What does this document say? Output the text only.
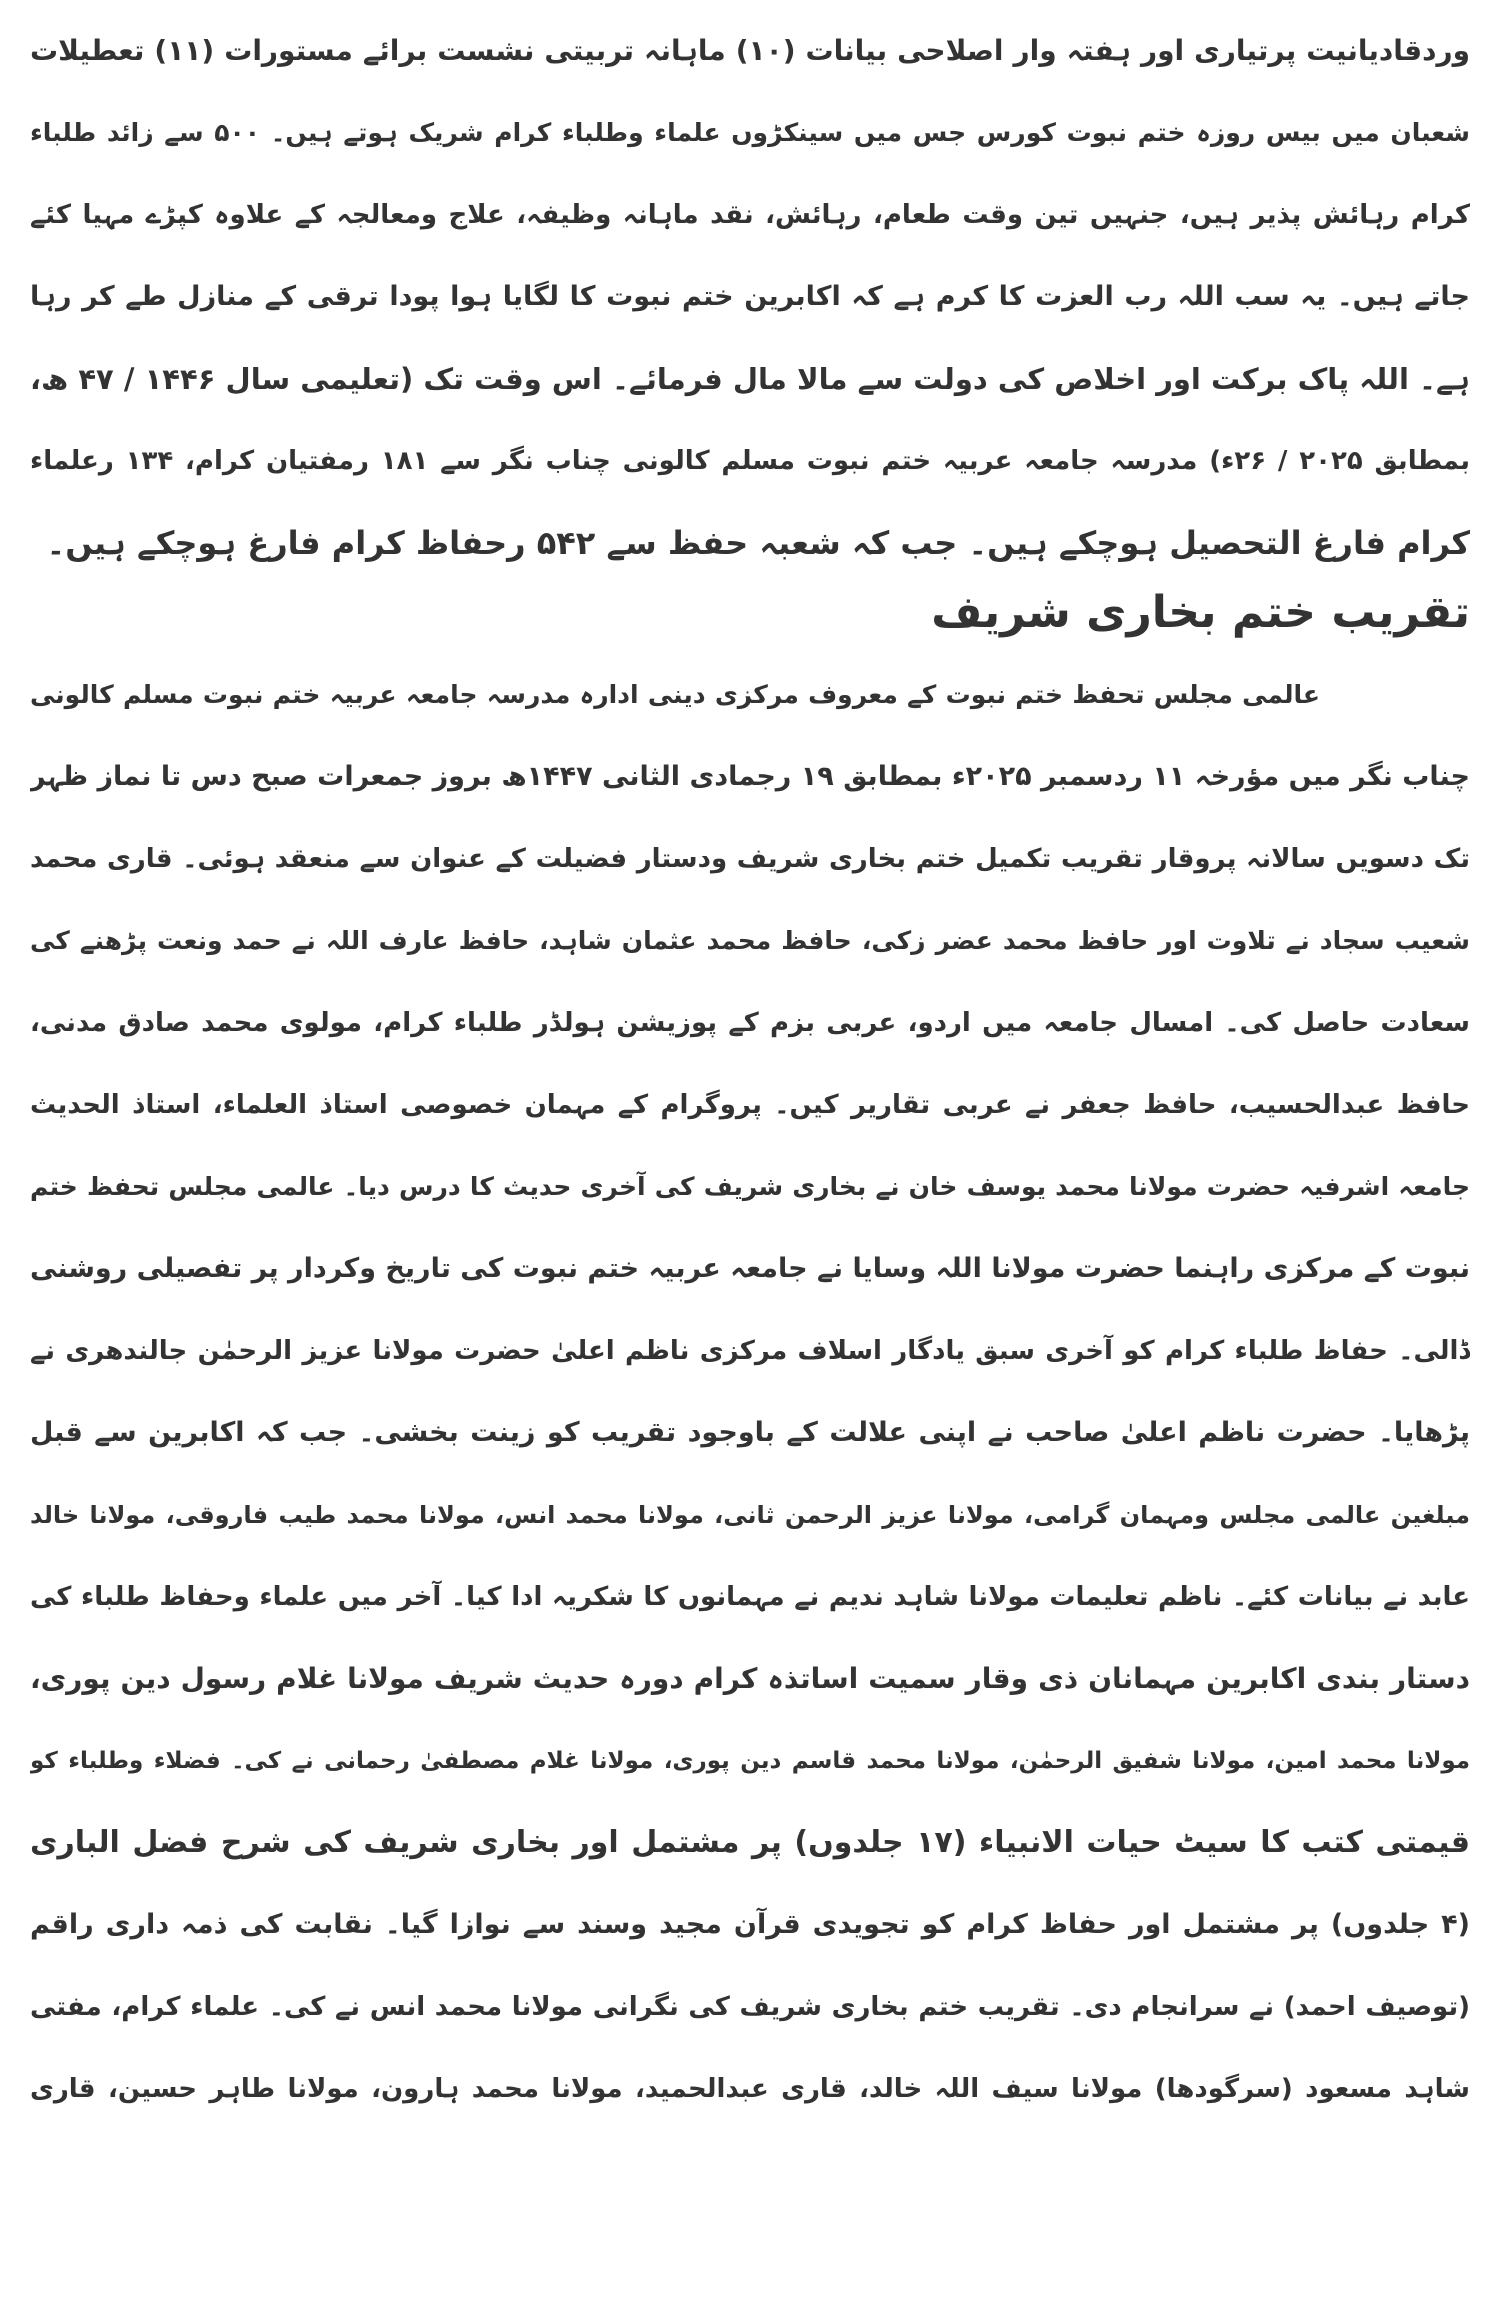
وردقادیانیت پرتیاری اور ہفتہ وار اصلاحی بیانات (۱۰) ماہانہ تربیتی نشست برائے مستورات (۱۱) تعطیلات
شعبان میں بیس روزہ ختم نبوت کورس جس میں سینکڑوں علماء وطلباء کرام شریک ہوتے ہیں۔ ۵۰۰ سے زائد طلباء
کرام رہائش پذیر ہیں، جنہیں تین وقت طعام، رہائش، نقد ماہانہ وظیفہ، علاج ومعالجہ کے علاوہ کپڑے مہیا کئے
جاتے ہیں۔ یہ سب اللہ رب العزت کا کرم ہے کہ اکابرین ختم نبوت کا لگایا ہوا پودا ترقی کے منازل طے کر رہا
ہے۔ اللہ پاک برکت اور اخلاص کی دولت سے مالا مال فرمائے۔ اس وقت تک (تعلیمی سال ۱۴۴۶ / ۴۷ ھ،
بمطابق ۲۰۲۵ / ۲۶ء) مدرسہ جامعہ عربیہ ختم نبوت مسلم کالونی چناب نگر سے ۱۸۱ رمفتیان کرام، ۱۳۴ رعلماء
کرام فارغ التحصیل ہوچکے ہیں۔ جب کہ شعبہ حفظ سے ۵۴۲ رحفاظ کرام فارغ ہوچکے ہیں۔
تقریب ختم بخاری شریف
عالمی مجلس تحفظ ختم نبوت کے معروف مرکزی دینی ادارہ مدرسہ جامعہ عربیہ ختم نبوت مسلم کالونی
چناب نگر میں مؤرخہ ۱۱ ردسمبر ۲۰۲۵ء بمطابق ۱۹ رجمادی الثانی ۱۴۴۷ھ بروز جمعرات صبح دس تا نماز ظہر
تک دسویں سالانہ پروقار تقریب تکمیل ختم بخاری شریف ودستار فضیلت کے عنوان سے منعقد ہوئی۔ قاری محمد
شعیب سجاد نے تلاوت اور حافظ محمد عضر زکی، حافظ محمد عثمان شاہد، حافظ عارف اللہ نے حمد ونعت پڑھنے کی
سعادت حاصل کی۔ امسال جامعہ میں اردو، عربی بزم کے پوزیشن ہولڈر طلباء کرام، مولوی محمد صادق مدنی،
حافظ عبدالحسیب، حافظ جعفر نے عربی تقاریر کیں۔ پروگرام کے مہمان خصوصی استاذ العلماء، استاذ الحدیث
جامعہ اشرفیہ حضرت مولانا محمد یوسف خان نے بخاری شریف کی آخری حدیث کا درس دیا۔ عالمی مجلس تحفظ ختم
نبوت کے مرکزی راہنما حضرت مولانا اللہ وسایا نے جامعہ عربیہ ختم نبوت کی تاریخ وکردار پر تفصیلی روشنی
ڈالی۔ حفاظ طلباء کرام کو آخری سبق یادگار اسلاف مرکزی ناظم اعلیٰ حضرت مولانا عزیز الرحمٰن جالندھری نے
پڑھایا۔ حضرت ناظم اعلیٰ صاحب نے اپنی علالت کے باوجود تقریب کو زینت بخشی۔ جب کہ اکابرین سے قبل
مبلغین عالمی مجلس ومہمان گرامی، مولانا عزیز الرحمن ثانی، مولانا محمد انس، مولانا محمد طیب فاروقی، مولانا خالد
عابد نے بیانات کئے۔ ناظم تعلیمات مولانا شاہد ندیم نے مہمانوں کا شکریہ ادا کیا۔ آخر میں علماء وحفاظ طلباء کی
دستار بندی اکابرین مہمانان ذی وقار سمیت اساتذہ کرام دورہ حدیث شریف مولانا غلام رسول دین پوری،
مولانا محمد امین، مولانا شفیق الرحمٰن، مولانا محمد قاسم دین پوری، مولانا غلام مصطفیٰ رحمانی نے کی۔ فضلاء وطلباء کو
قیمتی کتب کا سیٹ حیات الانبیاء (۱۷ جلدوں) پر مشتمل اور بخاری شریف کی شرح فضل الباری
(۴ جلدوں) پر مشتمل اور حفاظ کرام کو تجویدی قرآن مجید وسند سے نوازا گیا۔ نقابت کی ذمہ داری راقم
(توصیف احمد) نے سرانجام دی۔ تقریب ختم بخاری شریف کی نگرانی مولانا محمد انس نے کی۔ علماء کرام، مفتی
شاہد مسعود (سرگودھا) مولانا سیف اللہ خالد، قاری عبدالحمید، مولانا محمد ہارون، مولانا طاہر حسین، قاری
